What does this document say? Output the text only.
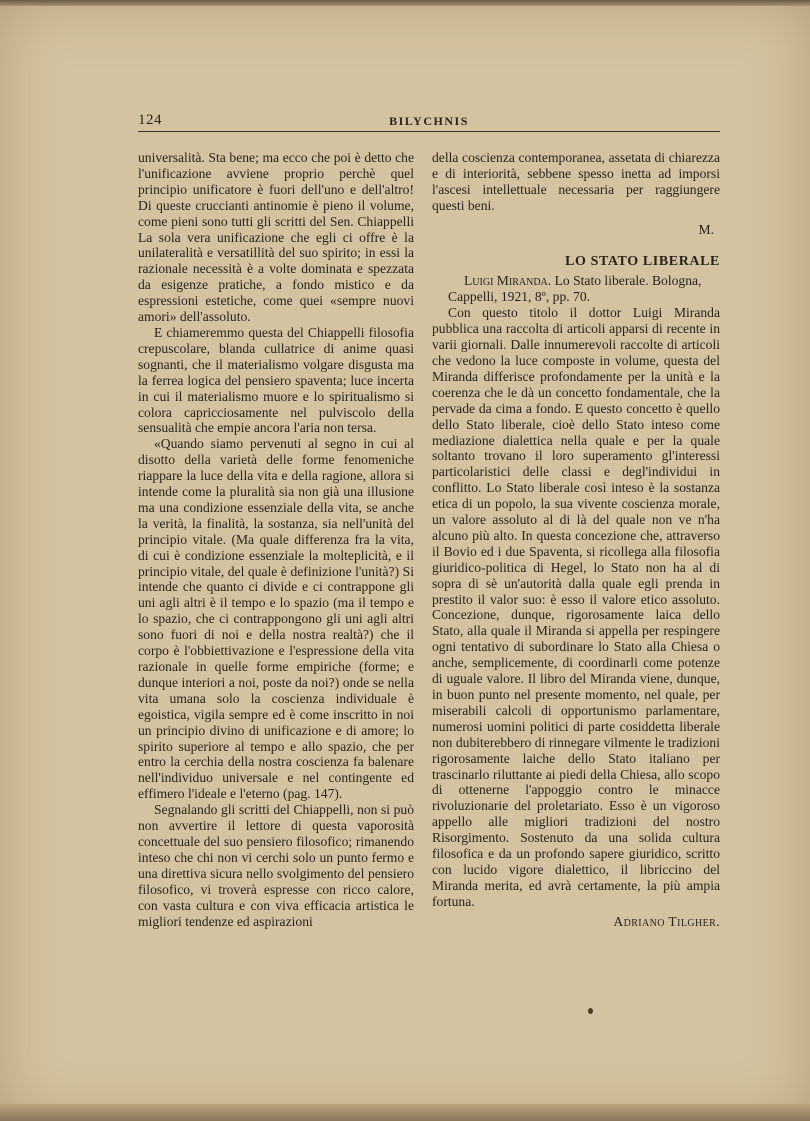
124	BILYCHNIS

universalità. Sta bene; ma ecco che poi è detto che l'unificazione avviene proprio perchè quel principio unificatore è fuori dell'uno e dell'altro! Di queste cruccianti antinomie è pieno il volume, come pieni sono tutti gli scritti del Sen. Chiappelli La sola vera unificazione che egli ci offre è la unilateralità e versatillità del suo spirito; in essi la razionale necessità è a volte dominata e spezzata da esigenze pratiche, a fondo mistico e da espressioni estetiche, come quei «sempre nuovi amori» dell'assoluto.

E chiameremmo questa del Chiappelli filosofia crepuscolare, blanda cullatrice di anime quasi sognanti, che il materialismo volgare disgusta ma la ferrea logica del pensiero spaventa; luce incerta in cui il materialismo muore e lo spiritualismo si colora capricciosamente nel pulviscolo della sensualità che empie ancora l'aria non tersa.

«Quando siamo pervenuti al segno in cui al disotto della varietà delle forme fenomeniche riappare la luce della vita e della ragione, allora si intende come la pluralità sia non già una illusione ma una condizione essenziale della vita, se anche la verità, la finalità, la sostanza, sia nell'unità del principio vitale. (Ma quale differenza fra la vita, di cui è condizione essenziale la molteplicità, e il principio vitale, del quale è definizione l'unità?) Si intende che quanto ci divide e ci contrappone gli uni agli altri è il tempo e lo spazio (ma il tempo e lo spazio, che ci contrappongono gli uni agli altri sono fuori di noi e della nostra realtà?) che il corpo è l'obbiettivazione e l'espressione della vita razionale in quelle forme empiriche (forme; e dunque interiori a noi, poste da noi?) onde se nella vita umana solo la coscienza individuale è egoistica, vigila sempre ed è come inscritto in noi un principio divino di unificazione e di amore; lo spirito superiore al tempo e allo spazio, che per entro la cerchia della nostra coscienza fa balenare nell'individuo universale e nel contingente ed effimero l'ideale e l'eterno (pag. 147).

Segnalando gli scritti del Chiappelli, non si può non avvertire il lettore di questa vaporosità concettuale del suo pensiero filosofico; rimanendo inteso che chi non vi cerchi solo un punto fermo e una direttiva sicura nello svolgimento del pensiero filosofico, vi troverà espresse con ricco calore, con vasta cultura e con viva efficacia artistica le migliori tendenze ed aspirazioni

della coscienza contemporanea, assetata di chiarezza e di interiorità, sebbene spesso inetta ad imporsi l'ascesi intellettuale necessaria per raggiungere questi beni.

M.
LO STATO LIBERALE

Luigi Miranda. Lo Stato liberale. Bologna, Cappelli, 1921, 8º, pp. 70.

Con questo titolo il dottor Luigi Miranda pubblica una raccolta di articoli apparsi di recente in varii giornali. Dalle innumerevoli raccolte di articoli che vedono la luce composte in volume, questa del Miranda differisce profondamente per la unità e la coerenza che le dà un concetto fondamentale, che la pervade da cima a fondo. E questo concetto è quello dello Stato liberale, cioè dello Stato inteso come mediazione dialettica nella quale e per la quale soltanto trovano il loro superamento gl'interessi particolaristici delle classi e degl'individui in conflitto. Lo Stato liberale così inteso è la sostanza etica di un popolo, la sua vivente coscienza morale, un valore assoluto al di là del quale non ve n'ha alcuno più alto. In questa concezione che, attraverso il Bovio ed i due Spaventa, si ricollega alla filosofia giuridico-politica di Hegel, lo Stato non ha al di sopra di sè un'autorità dalla quale egli prenda in prestito il valor suo: è esso il valore etico assoluto. Concezione, dunque, rigorosamente laica dello Stato, alla quale il Miranda si appella per respingere ogni tentativo di subordinare lo Stato alla Chiesa o anche, semplicemente, di coordinarli come potenze di uguale valore. Il libro del Miranda viene, dunque, in buon punto nel presente momento, nel quale, per miserabili calcoli di opportunismo parlamentare, numerosi uomini politici di parte cosiddetta liberale non dubiterebbero di rinnegare vilmente le tradizioni rigorosamente laiche dello Stato italiano per trascinarlo riluttante ai piedi della Chiesa, allo scopo di ottenerne l'appoggio contro le minacce rivoluzionarie del proletariato. Esso è un vigoroso appello alle migliori tradizioni del nostro Risorgimento. Sostenuto da una solida cultura filosofica e da un profondo sapere giuridico, scritto con lucido vigore dialettico, il libriccino del Miranda merita, ed avrà certamente, la più ampia fortuna.

Adriano Tilgher.
